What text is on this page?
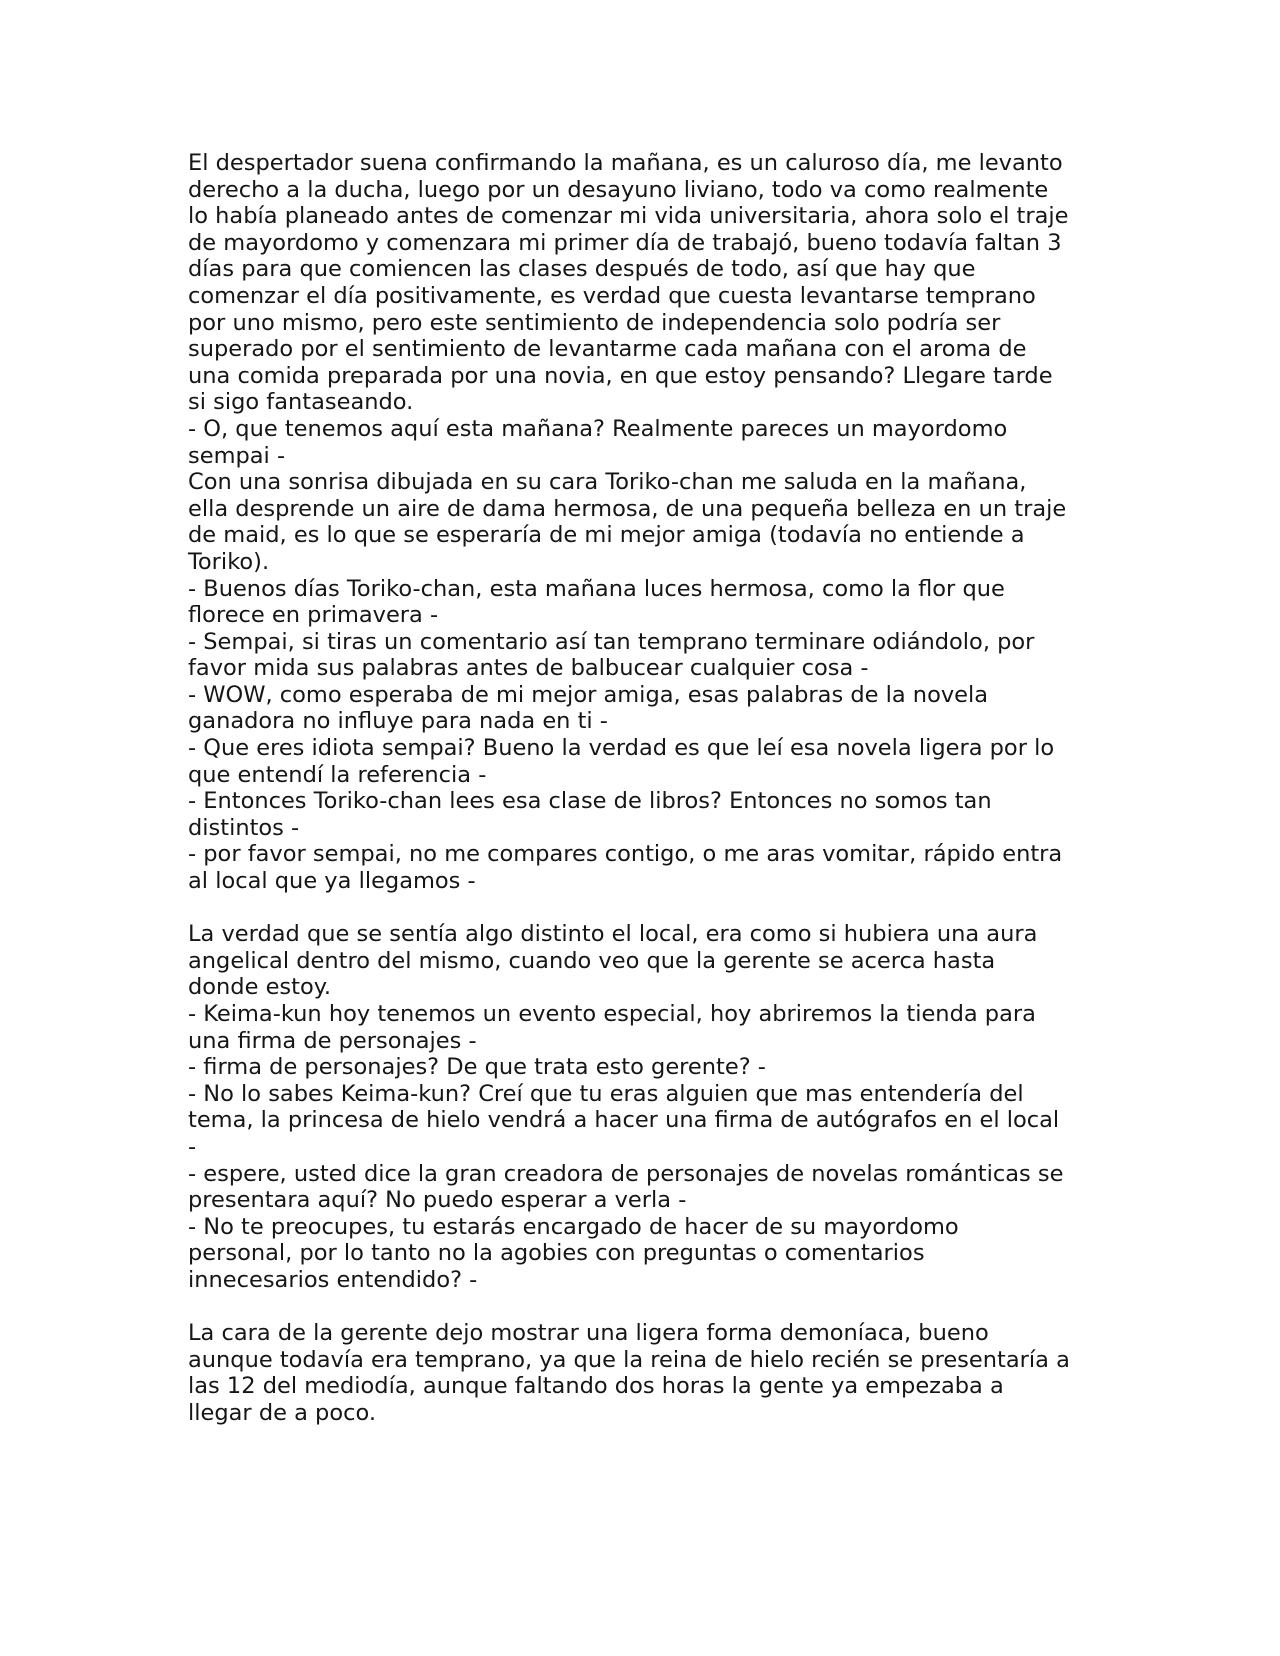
El despertador suena confirmando la mañana, es un caluroso día, me levanto
derecho a la ducha, luego por un desayuno liviano, todo va como realmente
lo había planeado antes de comenzar mi vida universitaria, ahora solo el traje
de mayordomo y comenzara mi primer día de trabajó, bueno todavía faltan 3
días para que comiencen las clases después de todo, así que hay que
comenzar el día positivamente, es verdad que cuesta levantarse temprano
por uno mismo, pero este sentimiento de independencia solo podría ser
superado por el sentimiento de levantarme cada mañana con el aroma de
una comida preparada por una novia, en que estoy pensando? Llegare tarde
si sigo fantaseando.
- O, que tenemos aquí esta mañana? Realmente pareces un mayordomo
sempai -
Con una sonrisa dibujada en su cara Toriko-chan me saluda en la mañana,
ella desprende un aire de dama hermosa, de una pequeña belleza en un traje
de maid, es lo que se esperaría de mi mejor amiga (todavía no entiende a
Toriko).
- Buenos días Toriko-chan, esta mañana luces hermosa, como la flor que
florece en primavera -
- Sempai, si tiras un comentario así tan temprano terminare odiándolo, por
favor mida sus palabras antes de balbucear cualquier cosa -
- WOW, como esperaba de mi mejor amiga, esas palabras de la novela
ganadora no influye para nada en ti -
- Que eres idiota sempai? Bueno la verdad es que leí esa novela ligera por lo
que entendí la referencia -
- Entonces Toriko-chan lees esa clase de libros? Entonces no somos tan
distintos -
- por favor sempai, no me compares contigo, o me aras vomitar, rápido entra
al local que ya llegamos -
La verdad que se sentía algo distinto el local, era como si hubiera una aura
angelical dentro del mismo, cuando veo que la gerente se acerca hasta
donde estoy.
- Keima-kun hoy tenemos un evento especial, hoy abriremos la tienda para
una firma de personajes -
- firma de personajes? De que trata esto gerente? -
- No lo sabes Keima-kun? Creí que tu eras alguien que mas entendería del
tema, la princesa de hielo vendrá a hacer una firma de autógrafos en el local
-
- espere, usted dice la gran creadora de personajes de novelas románticas se
presentara aquí? No puedo esperar a verla -
- No te preocupes, tu estarás encargado de hacer de su mayordomo
personal, por lo tanto no la agobies con preguntas o comentarios
innecesarios entendido? -
La cara de la gerente dejo mostrar una ligera forma demoníaca, bueno
aunque todavía era temprano, ya que la reina de hielo recién se presentaría a
las 12 del mediodía, aunque faltando dos horas la gente ya empezaba a
llegar de a poco.
